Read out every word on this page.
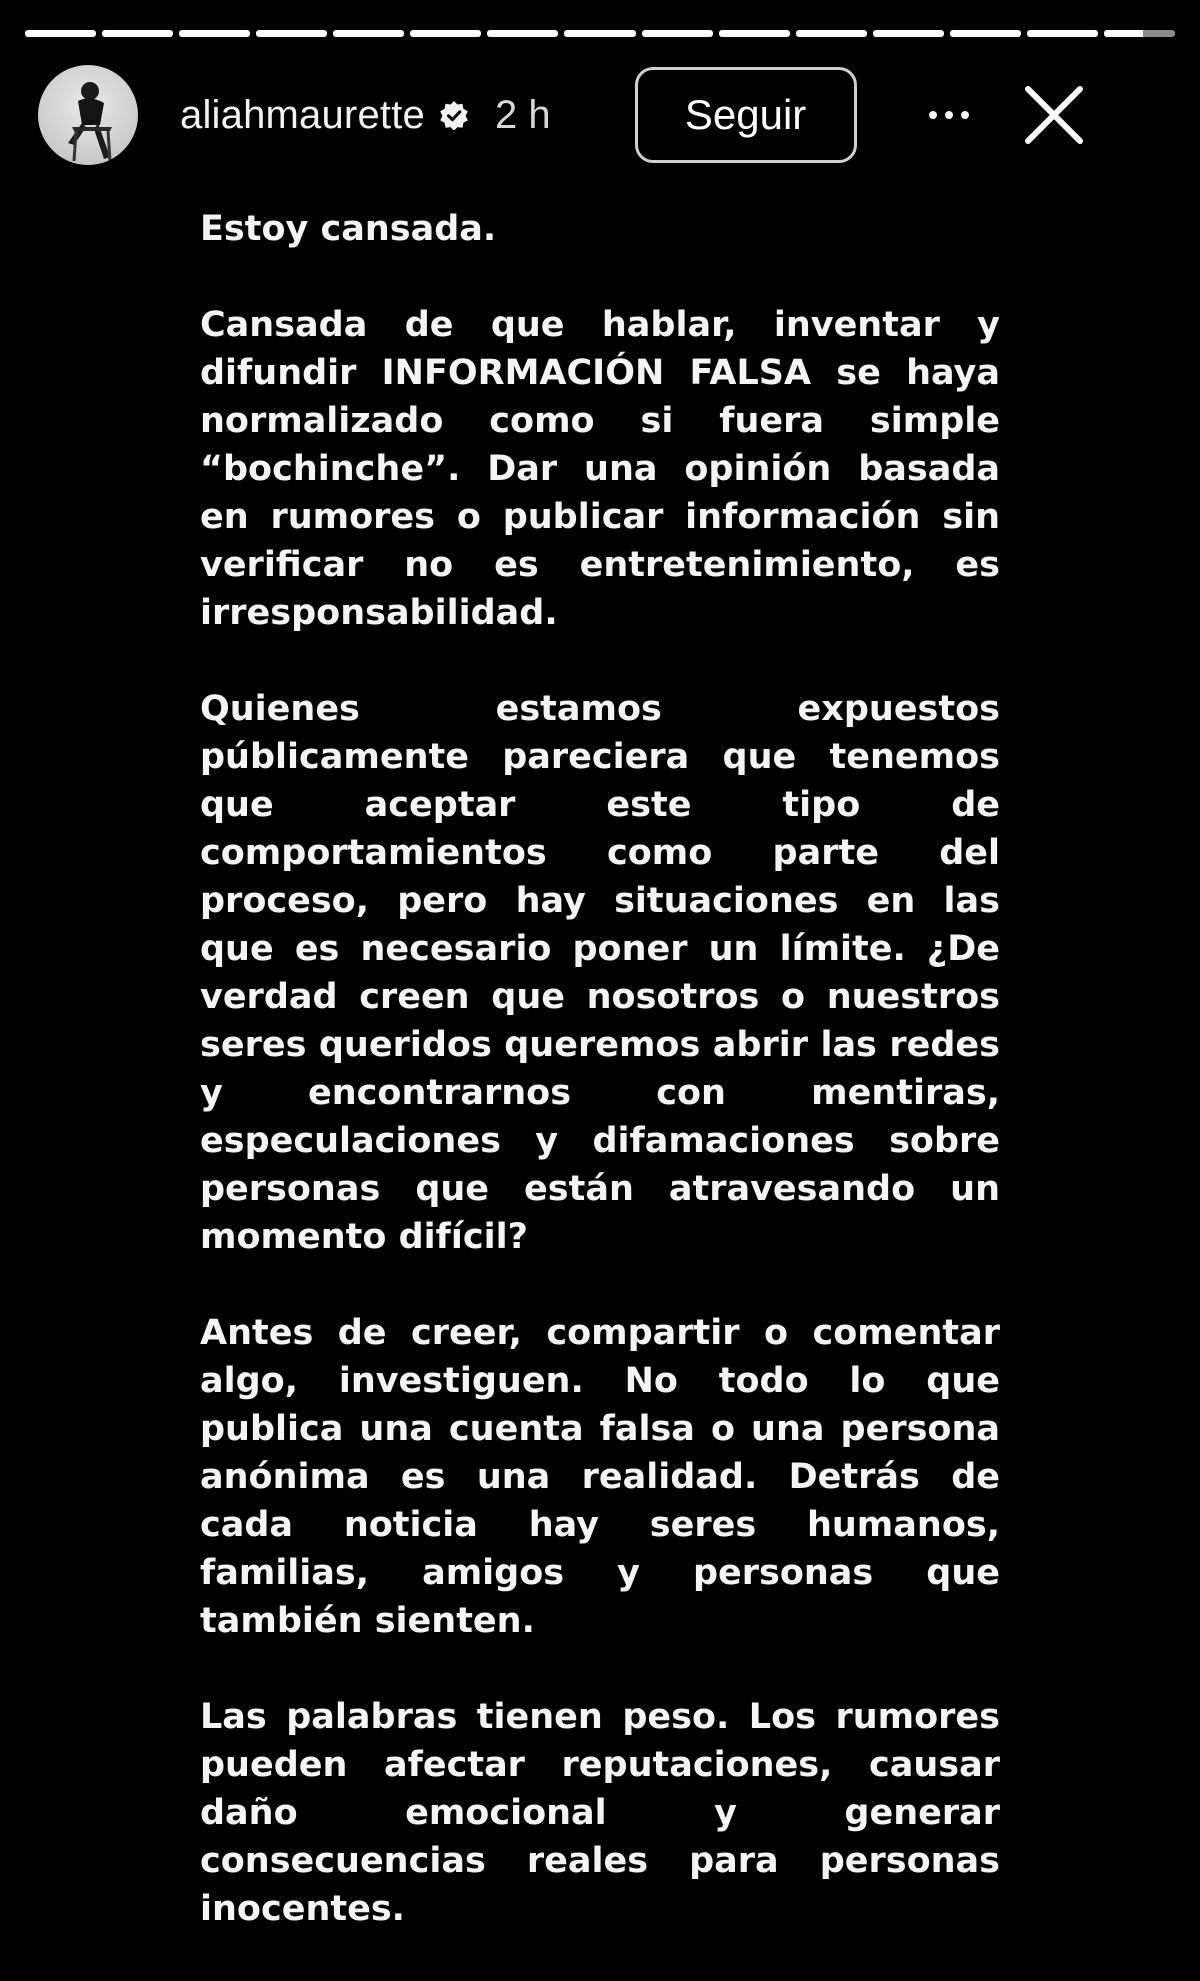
aliahmaurette 2 h	Seguir

Estoy cansada.

Cansada de que hablar, inventar y difundir INFORMACIÓN FALSA se haya normalizado como si fuera simple “bochinche”. Dar una opinión basada en rumores o publicar información sin verificar no es entretenimiento, es irresponsabilidad.

Quienes estamos expuestos públicamente pareciera que tenemos que aceptar este tipo de comportamientos como parte del proceso, pero hay situaciones en las que es necesario poner un límite. ¿De verdad creen que nosotros o nuestros seres queridos queremos abrir las redes y encontrarnos con mentiras, especulaciones y difamaciones sobre personas que están atravesando un momento difícil?

Antes de creer, compartir o comentar algo, investiguen. No todo lo que publica una cuenta falsa o una persona anónima es una realidad. Detrás de cada noticia hay seres humanos, familias, amigos y personas que también sienten.

Las palabras tienen peso. Los rumores pueden afectar reputaciones, causar daño emocional y generar consecuencias reales para personas inocentes.
